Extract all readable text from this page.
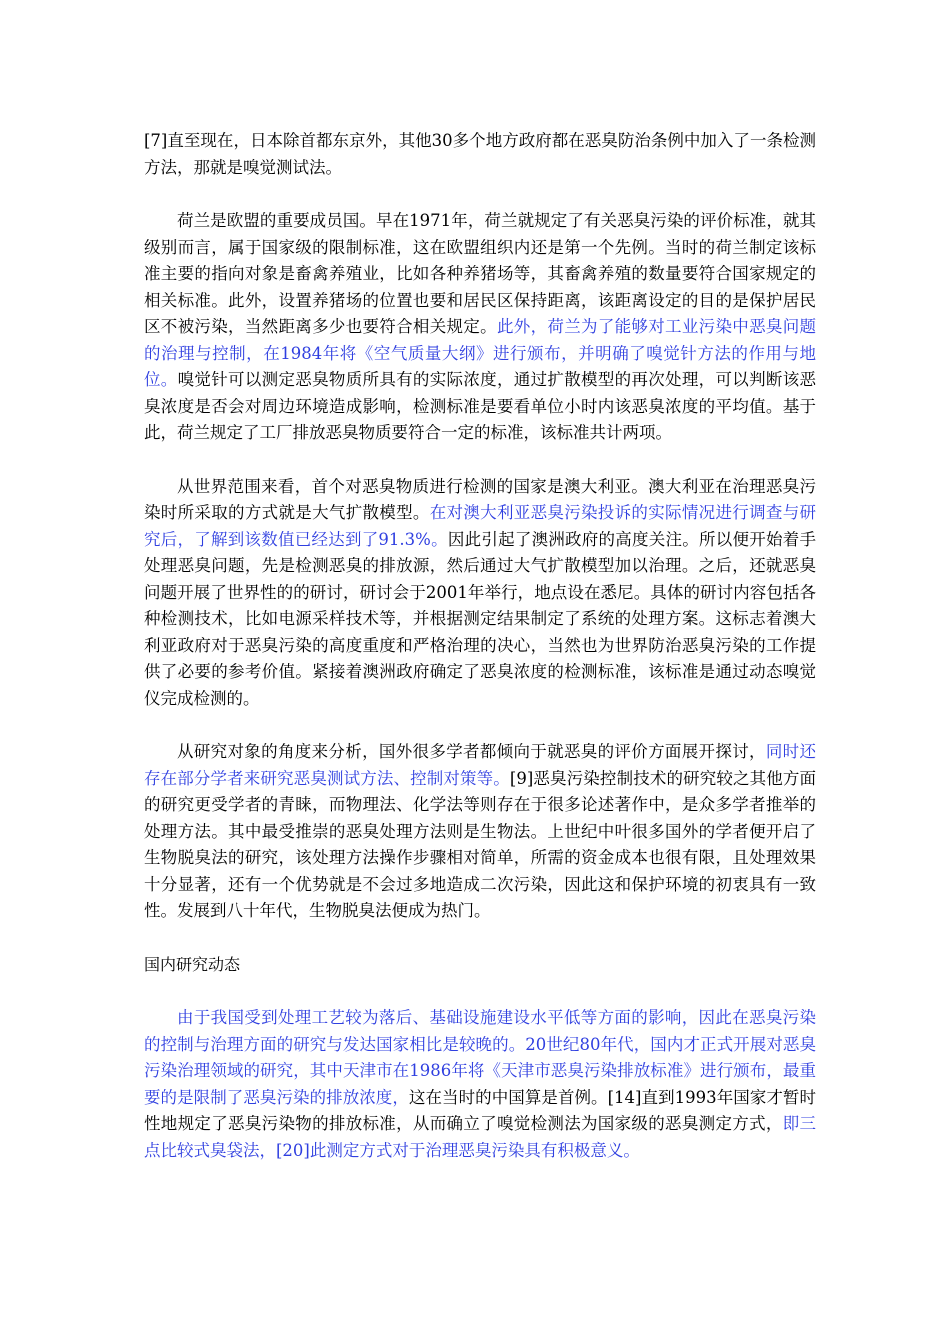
[7]直至现在，日本除首都东京外，其他30多个地方政府都在恶臭防治条例中加入了一条检测方法，那就是嗅觉测试法。

荷兰是欧盟的重要成员国。早在1971年，荷兰就规定了有关恶臭污染的评价标准，就其级别而言，属于国家级的限制标准，这在欧盟组织内还是第一个先例。当时的荷兰制定该标准主要的指向对象是畜禽养殖业，比如各种养猪场等，其畜禽养殖的数量要符合国家规定的相关标准。此外，设置养猪场的位置也要和居民区保持距离，该距离设定的目的是保护居民区不被污染，当然距离多少也要符合相关规定。此外，荷兰为了能够对工业污染中恶臭问题的治理与控制，在1984年将《空气质量大纲》进行颁布，并明确了嗅觉针方法的作用与地位。嗅觉针可以测定恶臭物质所具有的实际浓度，通过扩散模型的再次处理，可以判断该恶臭浓度是否会对周边环境造成影响，检测标准是要看单位小时内该恶臭浓度的平均值。基于此，荷兰规定了工厂排放恶臭物质要符合一定的标准，该标准共计两项。

从世界范围来看，首个对恶臭物质进行检测的国家是澳大利亚。澳大利亚在治理恶臭污染时所采取的方式就是大气扩散模型。在对澳大利亚恶臭污染投诉的实际情况进行调查与研究后，了解到该数值已经达到了91.3%。因此引起了澳洲政府的高度关注。所以便开始着手处理恶臭问题，先是检测恶臭的排放源，然后通过大气扩散模型加以治理。之后，还就恶臭问题开展了世界性的的研讨，研讨会于2001年举行，地点设在悉尼。具体的研讨内容包括各种检测技术，比如电源采样技术等，并根据测定结果制定了系统的处理方案。这标志着澳大利亚政府对于恶臭污染的高度重度和严格治理的决心，当然也为世界防治恶臭污染的工作提供了必要的参考价值。紧接着澳洲政府确定了恶臭浓度的检测标准，该标准是通过动态嗅觉仪完成检测的。

从研究对象的角度来分析，国外很多学者都倾向于就恶臭的评价方面展开探讨，同时还存在部分学者来研究恶臭测试方法、控制对策等。[9]恶臭污染控制技术的研究较之其他方面的研究更受学者的青睐，而物理法、化学法等则存在于很多论述著作中，是众多学者推举的处理方法。其中最受推崇的恶臭处理方法则是生物法。上世纪中叶很多国外的学者便开启了生物脱臭法的研究，该处理方法操作步骤相对简单，所需的资金成本也很有限，且处理效果十分显著，还有一个优势就是不会过多地造成二次污染，因此这和保护环境的初衷具有一致性。发展到八十年代，生物脱臭法便成为热门。

国内研究动态

由于我国受到处理工艺较为落后、基础设施建设水平低等方面的影响，因此在恶臭污染的控制与治理方面的研究与发达国家相比是较晚的。20世纪80年代，国内才正式开展对恶臭污染治理领域的研究，其中天津市在1986年将《天津市恶臭污染排放标准》进行颁布，最重要的是限制了恶臭污染的排放浓度，这在当时的中国算是首例。[14]直到1993年国家才暂时性地规定了恶臭污染物的排放标准，从而确立了嗅觉检测法为国家级的恶臭测定方式，即三点比较式臭袋法，[20]此测定方式对于治理恶臭污染具有积极意义。
